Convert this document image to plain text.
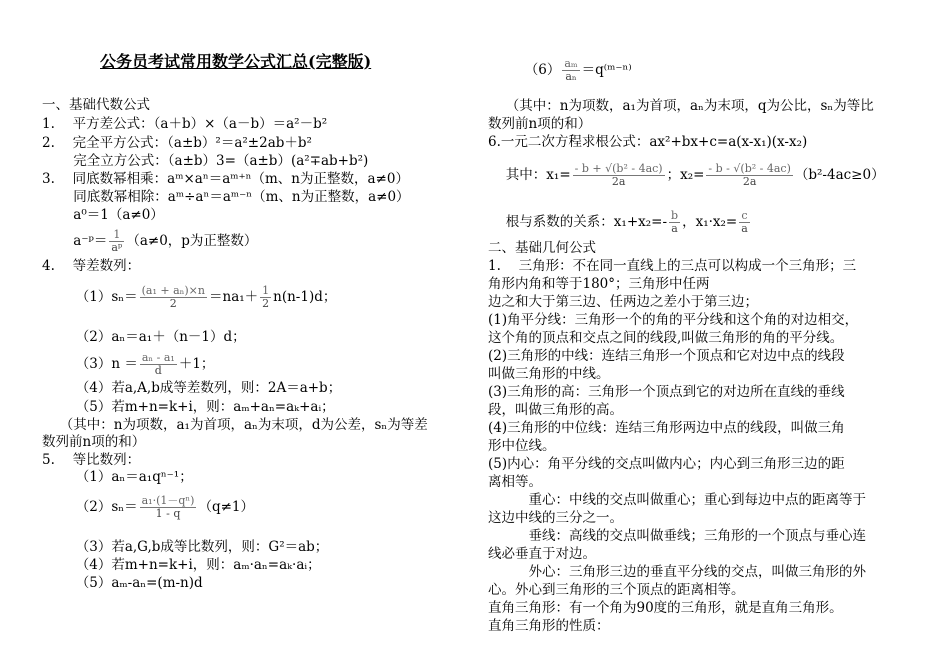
公务员考试常用数学公式汇总(完整版)
一、基础代数公式
1.　 平方差公式：（a＋b）×（a－b）＝a²－b²
2.　 完全平方公式：（a±b）²＝a²±2ab＋b²
　　 完全立方公式：（a±b）3=（a±b）(a²∓ab+b²)
3.　 同底数幂相乘：aᵐ×aⁿ＝aᵐ⁺ⁿ（m、n为正整数，a≠0）
　　 同底数幂相除：aᵐ÷aⁿ＝aᵐ⁻ⁿ（m、n为正整数，a≠0）
　　 a⁰＝1（a≠0）
　　 a⁻ᵖ＝ $\frac{1}{\text{aᵖ}} (a\ne 0$，p为正整数）
4.　 等差数列：
　　　$(1)s_n= \frac{\text{(a₁ + aₙ)×n}}{2} =na_1+ \frac{1}{2} n(n-1)d$；
　　　（2）aₙ＝a₁＋（n－1）d；
　　　$(3)n = \frac{\text{aₙ - a₁}}{d} +1$；
　　　（4）若a,A,b成等差数列，则：2A＝a+b；
　　　（5）若m+n=k+i，则：aₘ+aₙ=aₖ+aᵢ；
　 （其中：n为项数，a₁为首项，aₙ为末项，d为公差，sₙ为等差
数列前n项的和）
5.　 等比数列：
　　　（1）aₙ＝a₁qⁿ⁻¹；
　　　$(2)s_n= \frac{\text{a₁·(1－qⁿ)}}{1 - q} (q\ne 1)$
　　　（3）若a,G,b成等比数列，则：G²＝ab；
　　　（4）若m+n=k+i，则：aₘ·aₙ=aₖ·aᵢ；
　　　（5）aₘ-aₙ=(m-n)d
　$(6) \frac{\text{aₘ}}{\text{aₙ}}$ ＝q⁽ᵐ⁻ⁿ⁾
　 （其中：n为项数，a₁为首项，aₙ为末项，q为公比，sₙ为等比
数列前n项的和）
6.一元二次方程求根公式：ax²+bx+c=a(x-x₁)(x-x₂)
　 其中：$x_1= \frac{\text{- b + √(b² - 4ac)}}{2a}$ ；$x_2= \frac{\text{- b - √(b² - 4ac)}}{2a} (b^2-4ac\ge 0)$
　 根与系数的关系：$x_1+x_2=- \frac{b}{a}$ ，$x_1\cdot x_2= \frac{c}{a}$
二、基础几何公式
1.　 三角形：不在同一直线上的三点可以构成一个三角形；三
角形内角和等于180°；三角形中任两
边之和大于第三边、任两边之差小于第三边；
(1)角平分线：三角形一个的角的平分线和这个角的对边相交，
这个角的顶点和交点之间的线段,叫做三角形的角的平分线。
(2)三角形的中线：连结三角形一个顶点和它对边中点的线段
叫做三角形的中线。
(3)三角形的高：三角形一个顶点到它的对边所在直线的垂线
段，叫做三角形的高。
(4)三角形的中位线：连结三角形两边中点的线段，叫做三角
形中位线。
(5)内心：角平分线的交点叫做内心；内心到三角形三边的距
离相等。
　　　重心：中线的交点叫做重心；重心到每边中点的距离等于
这边中线的三分之一。
　　　垂线：高线的交点叫做垂线；三角形的一个顶点与垂心连
线必垂直于对边。
　　　外心：三角形三边的垂直平分线的交点，叫做三角形的外
心。外心到三角形的三个顶点的距离相等。
直角三角形：有一个角为90度的三角形，就是直角三角形。
直角三角形的性质：
